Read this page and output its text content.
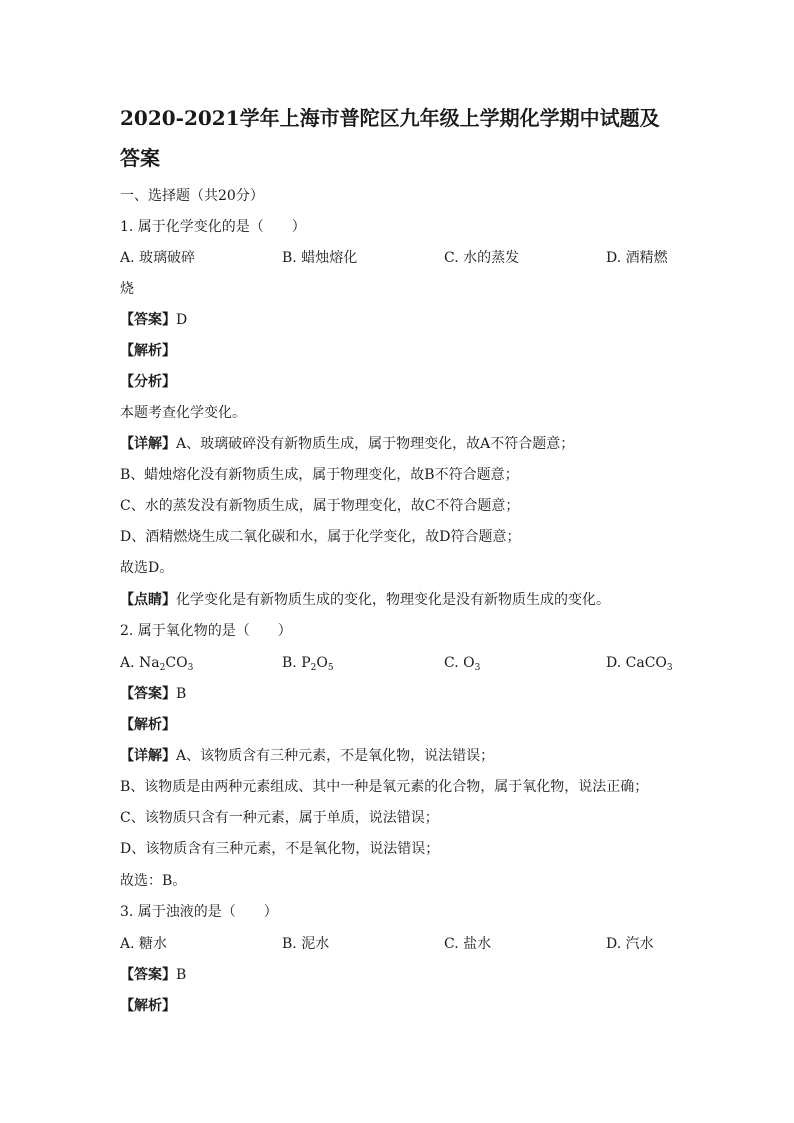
2020-2021学年上海市普陀区九年级上学期化学期中试题及
答案

一、选择题（共20分）

1. 属于化学变化的是（　　）

A. 玻璃破碎	B. 蜡烛熔化	C. 水的蒸发	D. 酒精燃

烧

【答案】D

【解析】

【分析】

本题考查化学变化。

【详解】A、玻璃破碎没有新物质生成，属于物理变化，故A不符合题意；

B、蜡烛熔化没有新物质生成，属于物理变化，故B不符合题意；

C、水的蒸发没有新物质生成，属于物理变化，故C不符合题意；

D、酒精燃烧生成二氧化碳和水，属于化学变化，故D符合题意；

故选D。

【点睛】化学变化是有新物质生成的变化，物理变化是没有新物质生成的变化。

2. 属于氧化物的是（　　）

A. $Na_2CO_3$	B. $P_2O_5$	C. $O_3$	D. CaCO$_3$

【答案】B

【解析】

【详解】A、该物质含有三种元素，不是氧化物，说法错误；

B、该物质是由两种元素组成、其中一种是氧元素的化合物，属于氧化物，说法正确；

C、该物质只含有一种元素，属于单质，说法错误；

D、该物质含有三种元素，不是氧化物，说法错误；

故选：B。

3. 属于浊液的是（　　）

A. 糖水	B. 泥水	C. 盐水	D. 汽水

【答案】B

【解析】
